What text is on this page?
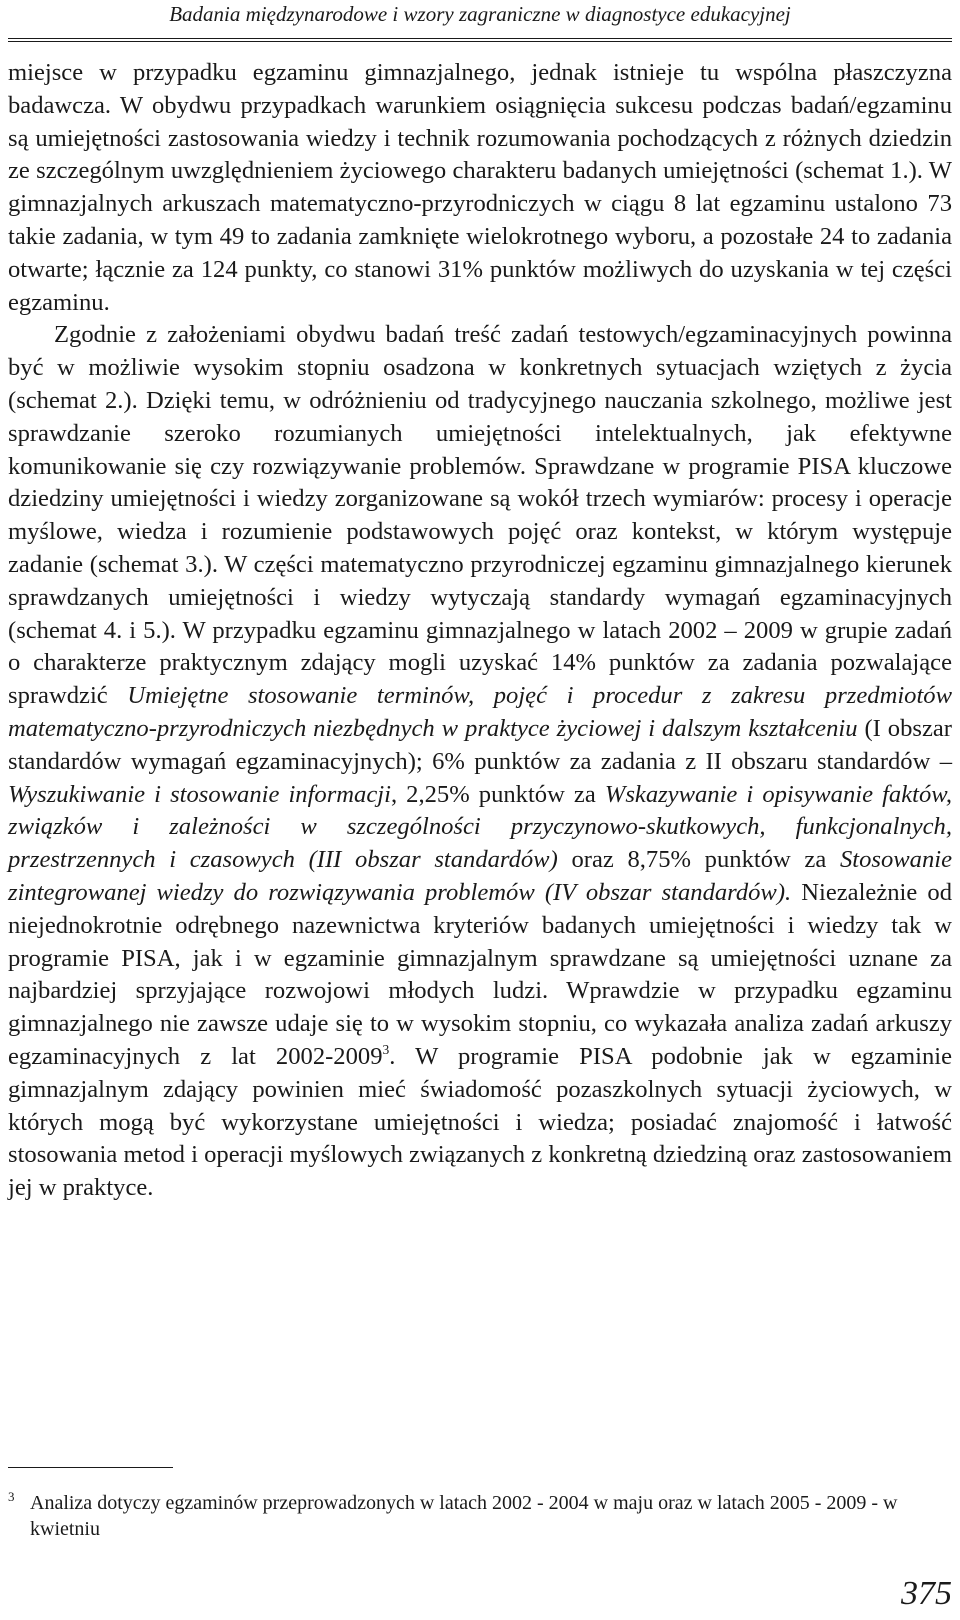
Badania międzynarodowe i wzory zagraniczne w diagnostyce edukacyjnej

miejsce w przypadku egzaminu gimnazjalnego, jednak istnieje tu wspólna płaszczyzna badawcza. W obydwu przypadkach warunkiem osiągnięcia sukcesu podczas badań/egzaminu są umiejętności zastosowania wiedzy i technik rozumowania pochodzących z różnych dziedzin ze szczególnym uwzględnieniem życiowego charakteru badanych umiejętności (schemat 1.). W gimnazjalnych arkuszach matematyczno-przyrodniczych w ciągu 8 lat egzaminu ustalono 73 takie zadania, w tym 49 to zadania zamknięte wielokrotnego wyboru, a pozostałe 24 to zadania otwarte; łącznie za 124 punkty, co stanowi 31% punktów możliwych do uzyskania w tej części egzaminu.

Zgodnie z założeniami obydwu badań treść zadań testowych/egzaminacyjnych powinna być w możliwie wysokim stopniu osadzona w konkretnych sytuacjach wziętych z życia (schemat 2.). Dzięki temu, w odróżnieniu od tradycyjnego nauczania szkolnego, możliwe jest sprawdzanie szeroko rozumianych umiejętności intelektualnych, jak efektywne komunikowanie się czy rozwiązywanie problemów. Sprawdzane w programie PISA kluczowe dziedziny umiejętności i wiedzy zorganizowane są wokół trzech wymiarów: procesy i operacje myślowe, wiedza i rozumienie podstawowych pojęć oraz kontekst, w którym występuje zadanie (schemat 3.). W części matematyczno przyrodniczej egzaminu gimnazjalnego kierunek sprawdzanych umiejętności i wiedzy wytyczają standardy wymagań egzaminacyjnych (schemat 4. i 5.). W przypadku egzaminu gimnazjalnego w latach 2002 – 2009 w grupie zadań o charakterze praktycznym zdający mogli uzyskać 14% punktów za zadania pozwalające sprawdzić Umiejętne stosowanie terminów, pojęć i procedur z zakresu przedmiotów matematyczno-przyrodniczych niezbędnych w praktyce życiowej i dalszym kształceniu (I obszar standardów wymagań egzaminacyjnych); 6% punktów za zadania z II obszaru standardów – Wyszukiwanie i stosowanie informacji, 2,25% punktów za Wskazywanie i opisywanie faktów, związków i zależności w szczególności przyczynowo-skutkowych, funkcjonalnych, przestrzennych i czasowych (III obszar standardów) oraz 8,75% punktów za Stosowanie zintegrowanej wiedzy do rozwiązywania problemów (IV obszar standardów). Niezależnie od niejednokrotnie odrębnego nazewnictwa kryteriów badanych umiejętności i wiedzy tak w programie PISA, jak i w egzaminie gimnazjalnym sprawdzane są umiejętności uznane za najbardziej sprzyjające rozwojowi młodych ludzi. Wprawdzie w przypadku egzaminu gimnazjalnego nie zawsze udaje się to w wysokim stopniu, co wykazała analiza zadań arkuszy egzaminacyjnych z lat 2002-2009$^3$. W programie PISA podobnie jak w egzaminie gimnazjalnym zdający powinien mieć świadomość pozaszkolnych sytuacji życiowych, w których mogą być wykorzystane umiejętności i wiedza; posiadać znajomość i łatwość stosowania metod i operacji myślowych związanych z konkretną dziedziną oraz zastosowaniem jej w praktyce.

3 Analiza dotyczy egzaminów przeprowadzonych w latach 2002 - 2004 w maju oraz w latach 2005 - 2009 - w kwietniu

375
